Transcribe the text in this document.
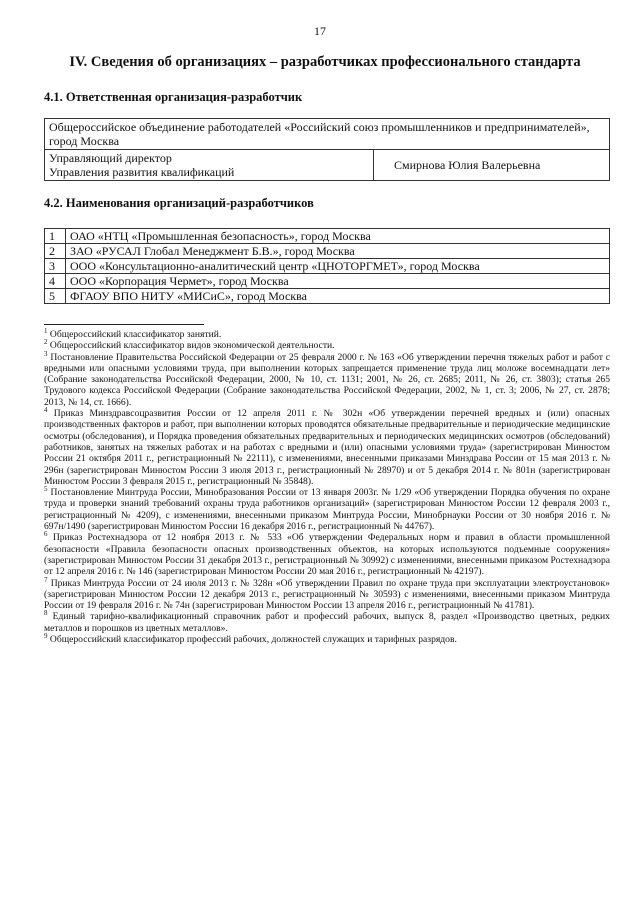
17
IV. Сведения об организациях – разработчиках профессионального стандарта
4.1. Ответственная организация-разработчик
Общероссийское объединение работодателей «Российский союз промышленников и предпринимателей», город Москва

Управляющий директор
Управления развития квалификаций	Смирнова Юлия Валерьевна
4.2. Наименования организаций-разработчиков
1	ОАО «НТЦ «Промышленная безопасность», город Москва
2	ЗАО «РУСАЛ Глобал Менеджмент Б.В.», город Москва
3	ООО «Консультационно-аналитический центр «ЦНОТОРГМЕТ», город Москва
4	ООО «Корпорация Чермет», город Москва
5	ФГАОУ ВПО НИТУ «МИСиС», город Москва

$^1$ Общероссийский классификатор занятий.

$^2$ Общероссийский классификатор видов экономической деятельности.

$^3$ Постановление Правительства Российской Федерации от 25 февраля 2000 г. № 163 «Об утверждении перечня тяжелых работ и работ с вредными или опасными условиями труда, при выполнении которых запрещается применение труда лиц моложе восемнадцати лет» (Собрание законодательства Российской Федерации, 2000, № 10, ст. 1131; 2001, № 26, ст. 2685; 2011, № 26, ст. 3803); статья 265 Трудового кодекса Российской Федерации (Собрание законодательства Российской Федерации, 2002, № 1, ст. 3; 2006, № 27, ст. 2878; 2013, № 14, ст. 1666).

$^4$ Приказ Минздравсоцразвития России от 12 апреля 2011 г. № 302н «Об утверждении перечней вредных и (или) опасных производственных факторов и работ, при выполнении которых проводятся обязательные предварительные и периодические медицинские осмотры (обследования), и Порядка проведения обязательных предварительных и периодических медицинских осмотров (обследований) работников, занятых на тяжелых работах и на работах с вредными и (или) опасными условиями труда» (зарегистрирован Минюстом России 21 октября 2011 г., регистрационный № 22111), с изменениями, внесенными приказами Минздрава России от 15 мая 2013 г. № 296н (зарегистрирован Минюстом России 3 июля 2013 г., регистрационный № 28970) и от 5 декабря 2014 г. № 801н (зарегистрирован Минюстом России 3 февраля 2015 г., регистрационный № 35848).

$^5$ Постановление Минтруда России, Минобразования России от 13 января 2003г. № 1/29 «Об утверждении Порядка обучения по охране труда и проверки знаний требований охраны труда работников организаций» (зарегистрирован Минюстом России 12 февраля 2003 г., регистрационный № 4209), с изменениями, внесенными приказом Минтруда России, Минобрнауки России от 30 ноября 2016 г. № 697н/1490 (зарегистрирован Минюстом России 16 декабря 2016 г., регистрационный № 44767).

$^6$ Приказ Ростехнадзора от 12 ноября 2013 г. № 533 «Об утверждении Федеральных норм и правил в области промышленной безопасности «Правила безопасности опасных производственных объектов, на которых используются подъемные сооружения» (зарегистрирован Минюстом России 31 декабря 2013 г., регистрационный № 30992) с изменениями, внесенными приказом Ростехнадзора от 12 апреля 2016 г. № 146 (зарегистрирован Минюстом России 20 мая 2016 г., регистрационный № 42197).

$^7$ Приказ Минтруда России от 24 июля 2013 г. № 328н «Об утверждении Правил по охране труда при эксплуатации электроустановок» (зарегистрирован Минюстом России 12 декабря 2013 г., регистрационный № 30593) с изменениями, внесенными приказом Минтруда России от 19 февраля 2016 г. № 74н (зарегистрирован Минюстом России 13 апреля 2016 г., регистрационный № 41781).

$^8$ Единый тарифно-квалификационный справочник работ и профессий рабочих, выпуск 8, раздел «Производство цветных, редких металлов и порошков из цветных металлов».

$^9$ Общероссийский классификатор профессий рабочих, должностей служащих и тарифных разрядов.
